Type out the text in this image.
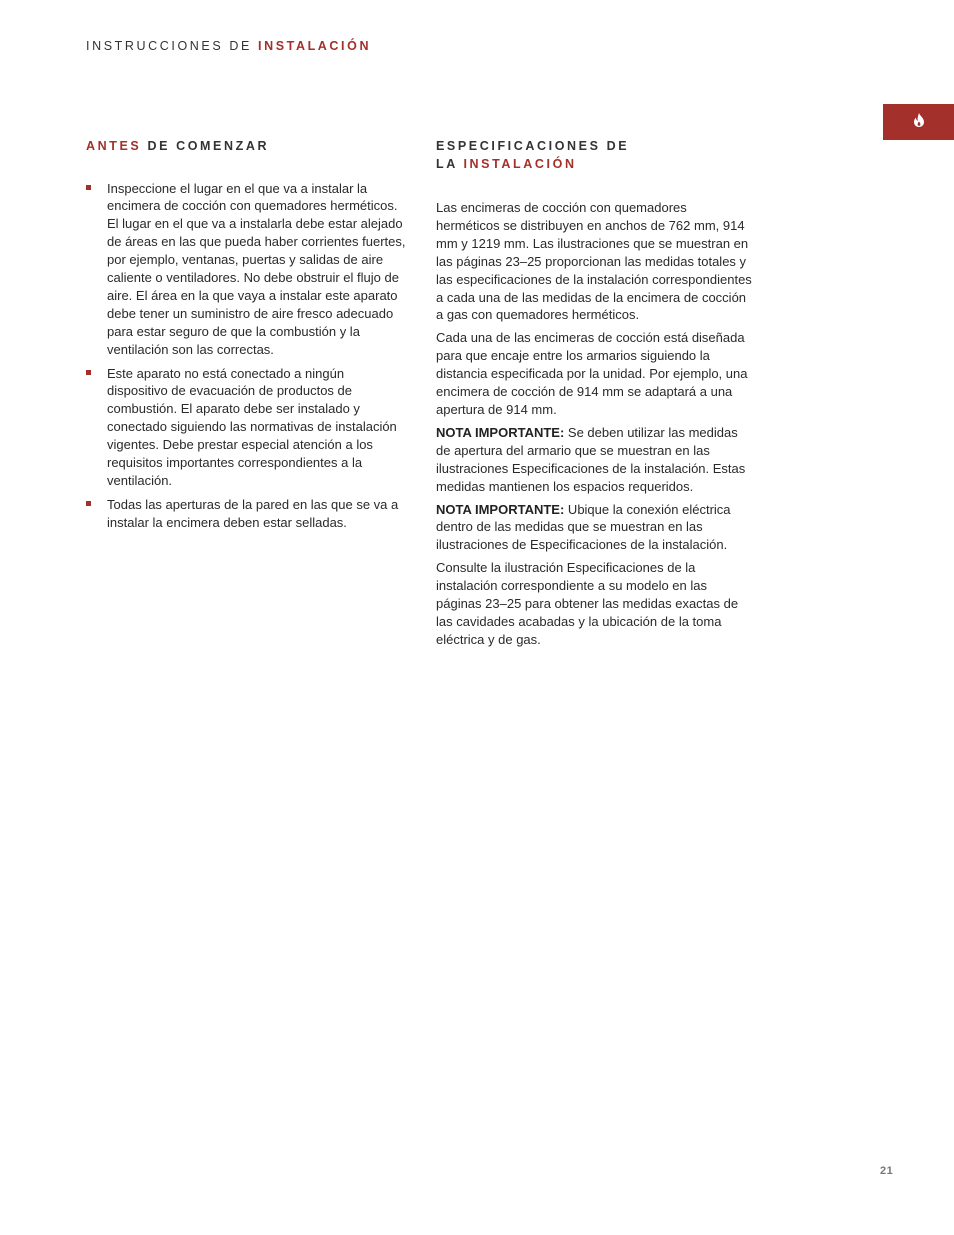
INSTRUCCIONES DE INSTALACIÓN
ANTES DE COMENZAR
Inspeccione el lugar en el que va a instalar la encimera de cocción con quemadores herméticos. El lugar en el que va a instalarla debe estar alejado de áreas en las que pueda haber corrientes fuertes, por ejemplo, ventanas, puertas y salidas de aire caliente o ventiladores. No debe obstruir el flujo de aire. El área en la que vaya a instalar este aparato debe tener un suministro de aire fresco adecuado para estar seguro de que la combustión y la ventilación son las correctas.
Este aparato no está conectado a ningún dispositivo de evacuación de productos de combustión. El aparato debe ser instalado y conectado siguiendo las normativas de instalación vigentes. Debe prestar especial atención a los requisitos importantes correspondientes a la ventilación.
Todas las aperturas de la pared en las que se va a instalar la encimera deben estar selladas.
ESPECIFICACIONES DE
LA INSTALACIÓN

Las encimeras de cocción con quemadores herméticos se distribuyen en anchos de 762 mm, 914 mm y 1219 mm. Las ilustraciones que se muestran en las páginas 23–25 proporcionan las medidas totales y las especificaciones de la instalación correspondientes a cada una de las medidas de la encimera de cocción a gas con quemadores herméticos.

Cada una de las encimeras de cocción está diseñada para que encaje entre los armarios siguiendo la distancia especificada por la unidad. Por ejemplo, una encimera de cocción de 914 mm se adaptará a una apertura de 914 mm.

NOTA IMPORTANTE: Se deben utilizar las medidas de apertura del armario que se muestran en las ilustraciones Especificaciones de la instalación. Estas medidas mantienen los espacios requeridos.

NOTA IMPORTANTE: Ubique la conexión eléctrica dentro de las medidas que se muestran en las ilustraciones de Especificaciones de la instalación.

Consulte la ilustración Especificaciones de la instalación correspondiente a su modelo en las páginas 23–25 para obtener las medidas exactas de las cavidades acabadas y la ubicación de la toma eléctrica y de gas.

21
